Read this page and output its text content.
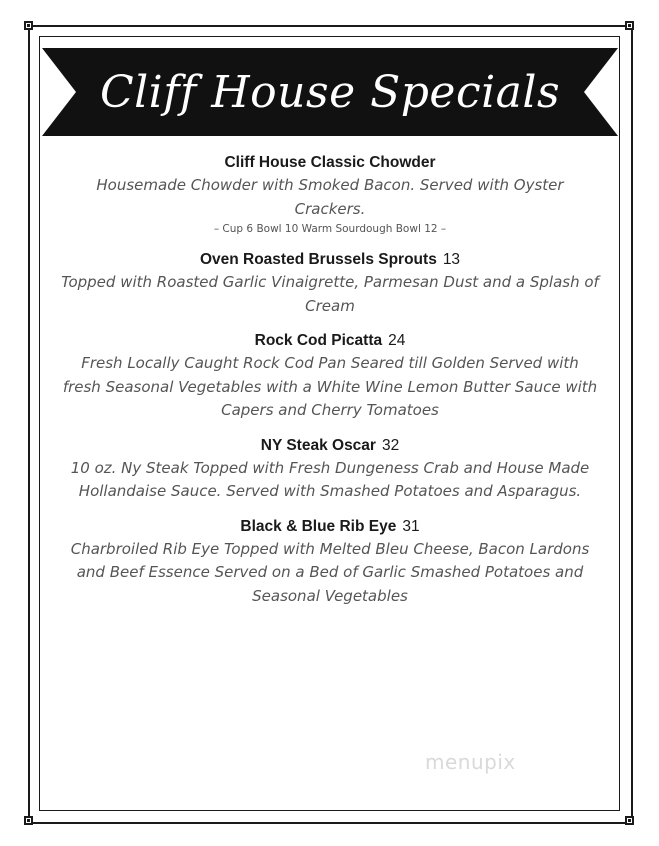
Cliff House Specials
Cliff House Classic Chowder
Housemade Chowder with Smoked Bacon. Served with Oyster Crackers.
– Cup 6 Bowl 10 Warm Sourdough Bowl 12 –
Oven Roasted Brussels Sprouts 13
Topped with Roasted Garlic Vinaigrette, Parmesan Dust and a Splash of Cream
Rock Cod Picatta 24
Fresh Locally Caught Rock Cod Pan Seared till Golden Served with fresh Seasonal Vegetables with a White Wine Lemon Butter Sauce with Capers and Cherry Tomatoes
NY Steak Oscar 32
10 oz. Ny Steak Topped with Fresh Dungeness Crab and House Made Hollandaise Sauce. Served with Smashed Potatoes and Asparagus.
Black & Blue Rib Eye 31
Charbroiled Rib Eye Topped with Melted Bleu Cheese, Bacon Lardons and Beef Essence Served on a Bed of Garlic Smashed Potatoes and Seasonal Vegetables
menupix
